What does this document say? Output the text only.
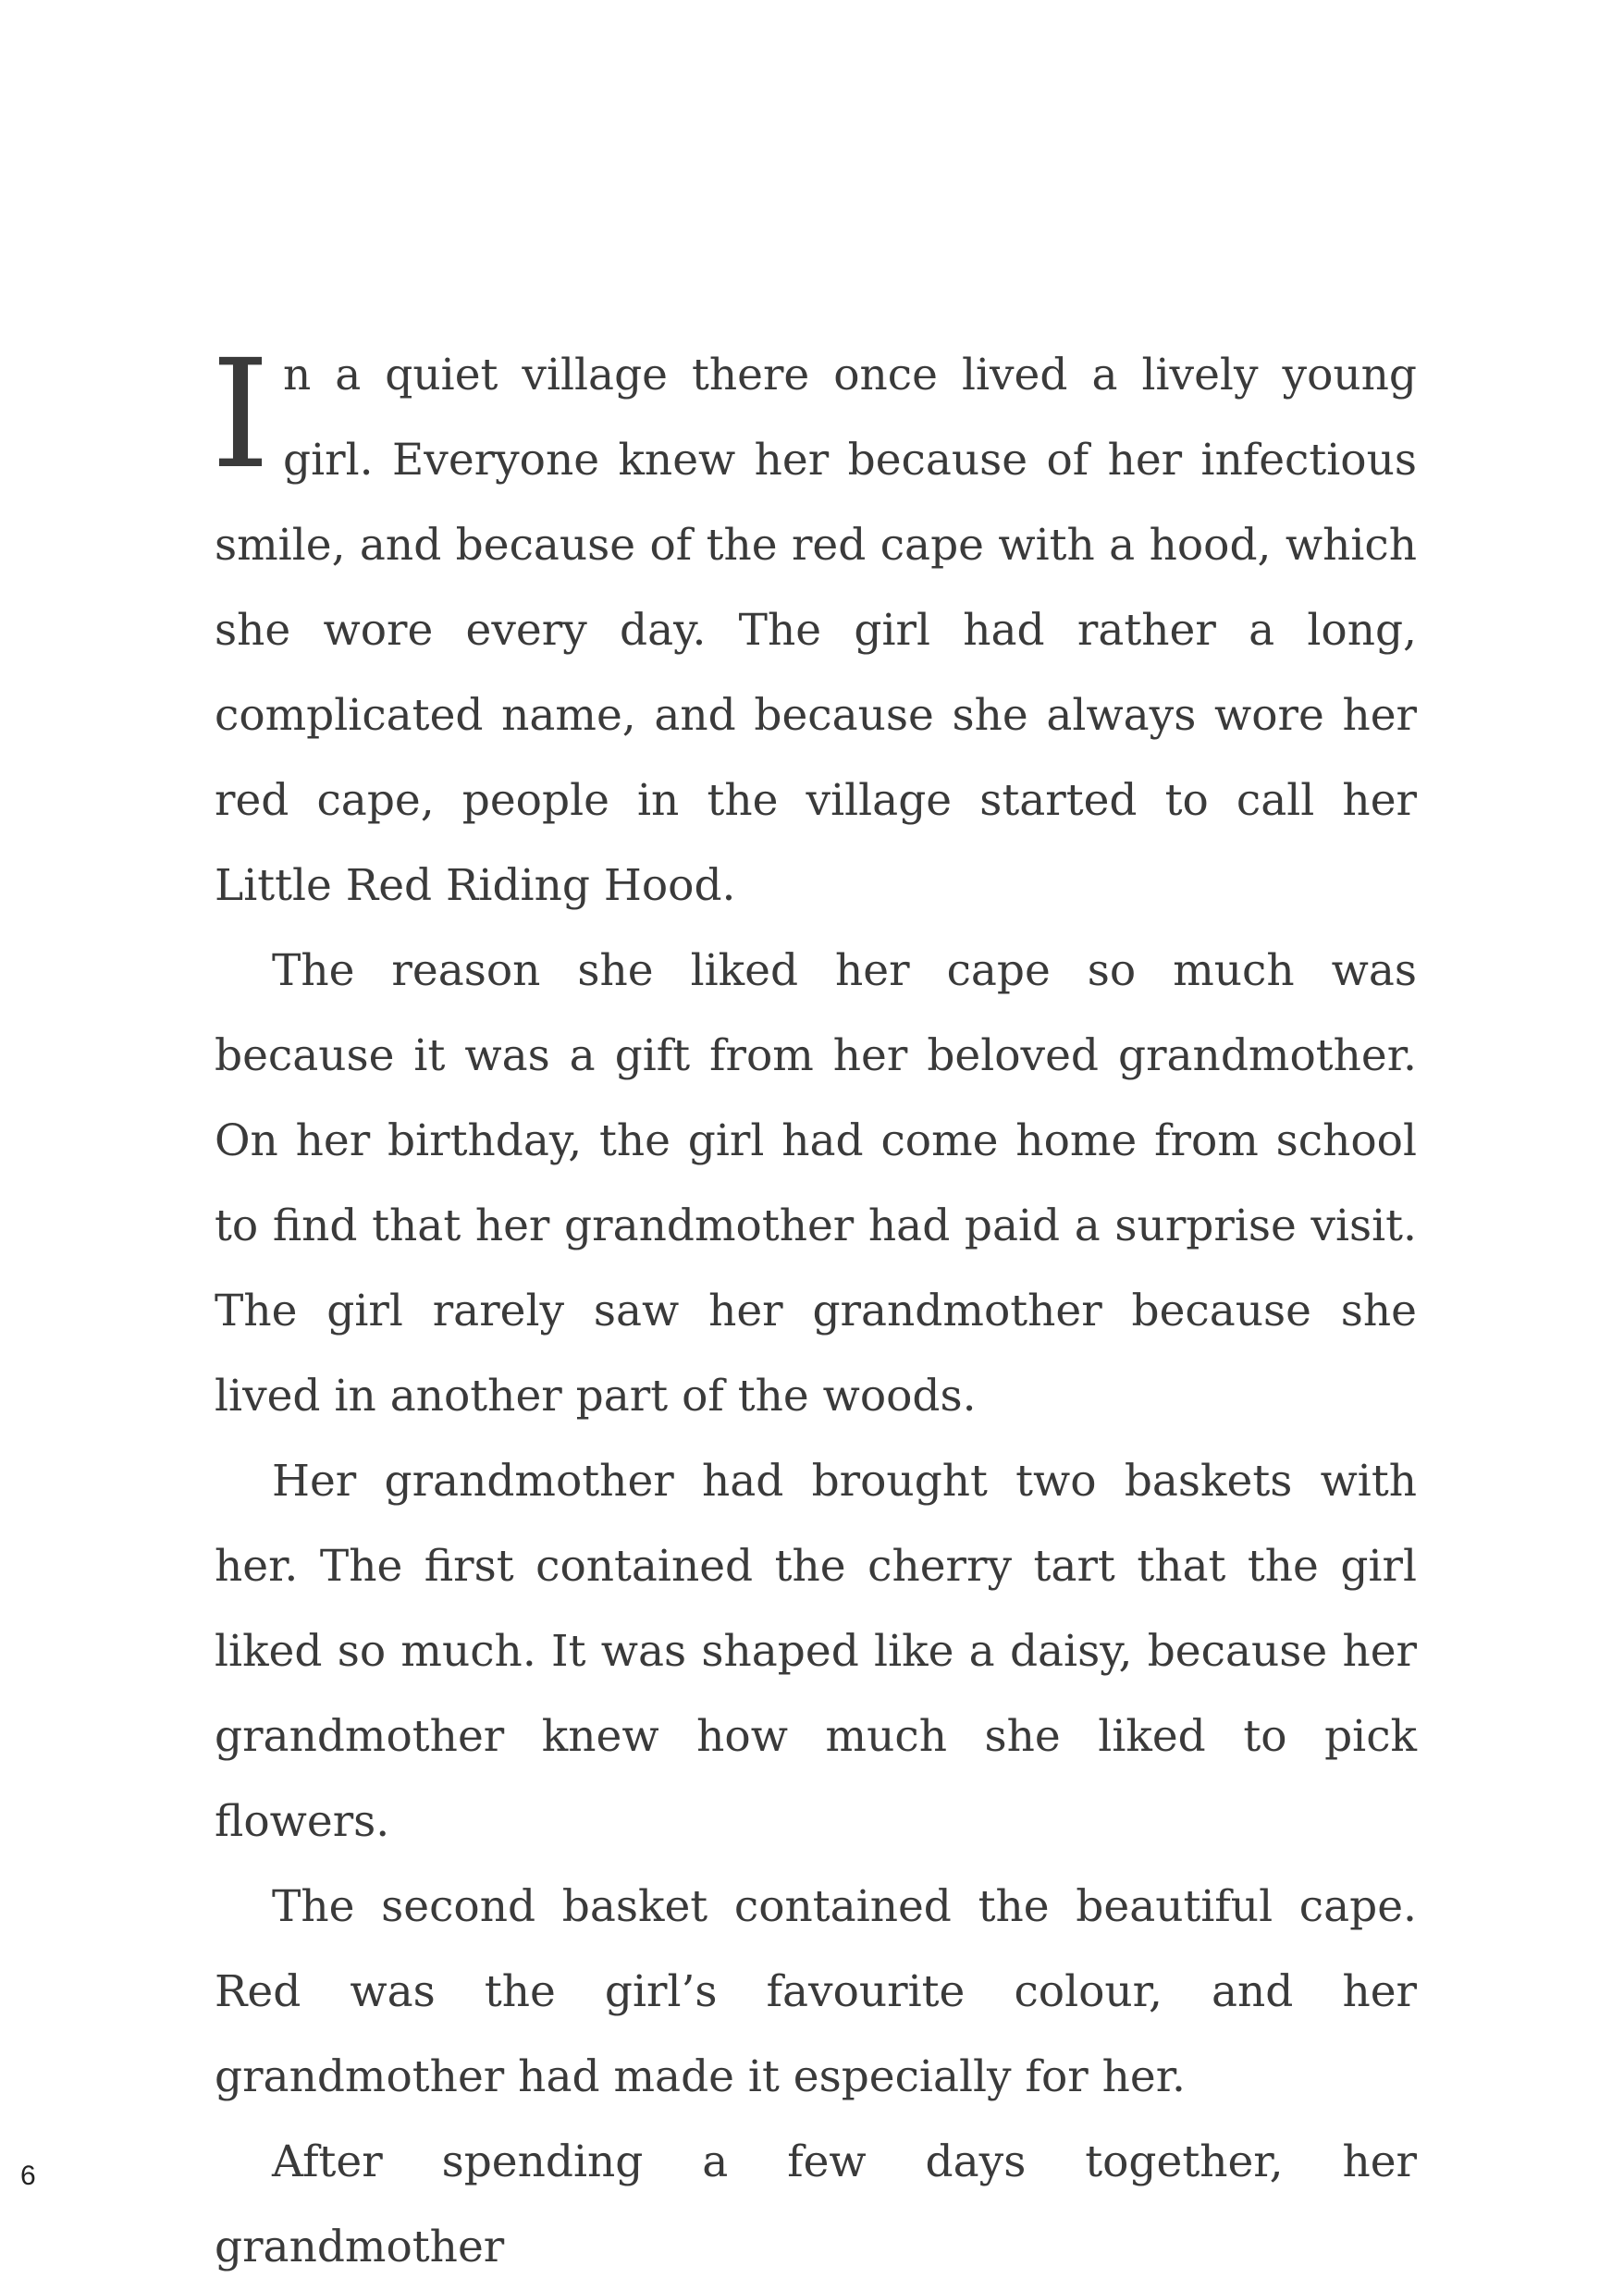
In a quiet village there once lived a lively young girl. Everyone knew her because of her infectious smile, and because of the red cape with a hood, which she wore every day. The girl had rather a long, complicated name, and because she always wore her red cape, people in the village started to call her Little Red Riding Hood.

The reason she liked her cape so much was because it was a gift from her beloved grandmother. On her birthday, the girl had come home from school to find that her grandmother had paid a surprise visit. The girl rarely saw her grandmother because she lived in another part of the woods.

Her grandmother had brought two baskets with her. The first contained the cherry tart that the girl liked so much. It was shaped like a daisy, because her grandmother knew how much she liked to pick flowers.

The second basket contained the beautiful cape. Red was the girl’s favourite colour, and her grandmother had made it especially for her.

After spending a few days together, her grandmother

6
